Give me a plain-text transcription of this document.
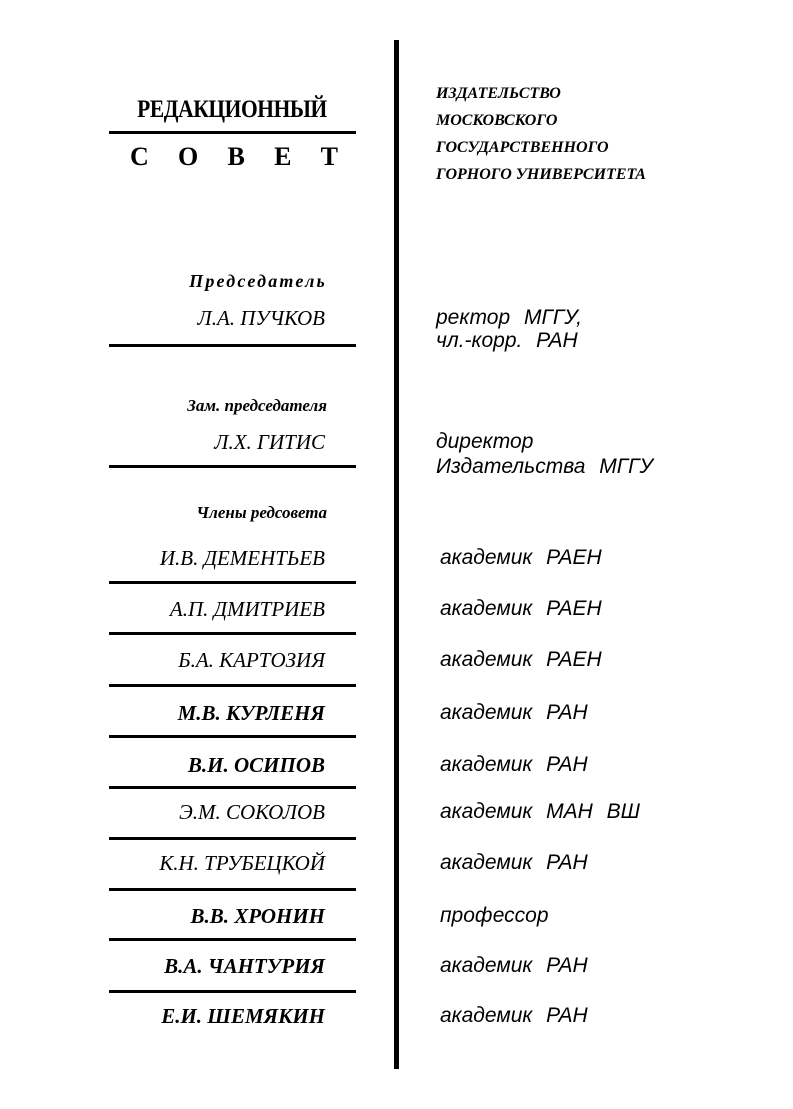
РЕДАКЦИОННЫЙ
С О В Е Т
ИЗДАТЕЛЬСТВО
МОСКОВСКОГО
ГОСУДАРСТВЕННОГО
ГОРНОГО УНИВЕРСИТЕТА
Председатель
Л.А. ПУЧКОВ	ректор МГГУ,
чл.-корр. РАН
Зам. председателя
Л.Х. ГИТИС	директор
Издательства МГГУ
Члены редсовета
И.В. ДЕМЕНТЬЕВ	академик РАЕН
А.П. ДМИТРИЕВ	академик РАЕН
Б.А. КАРТОЗИЯ	академик РАЕН
М.В. КУРЛЕНЯ	академик РАН
В.И. ОСИПОВ	академик РАН
Э.М. СОКОЛОВ	академик МАН ВШ
К.Н. ТРУБЕЦКОЙ	академик РАН
В.В. ХРОНИН	профессор
В.А. ЧАНТУРИЯ	академик РАН
Е.И. ШЕМЯКИН	академик РАН
